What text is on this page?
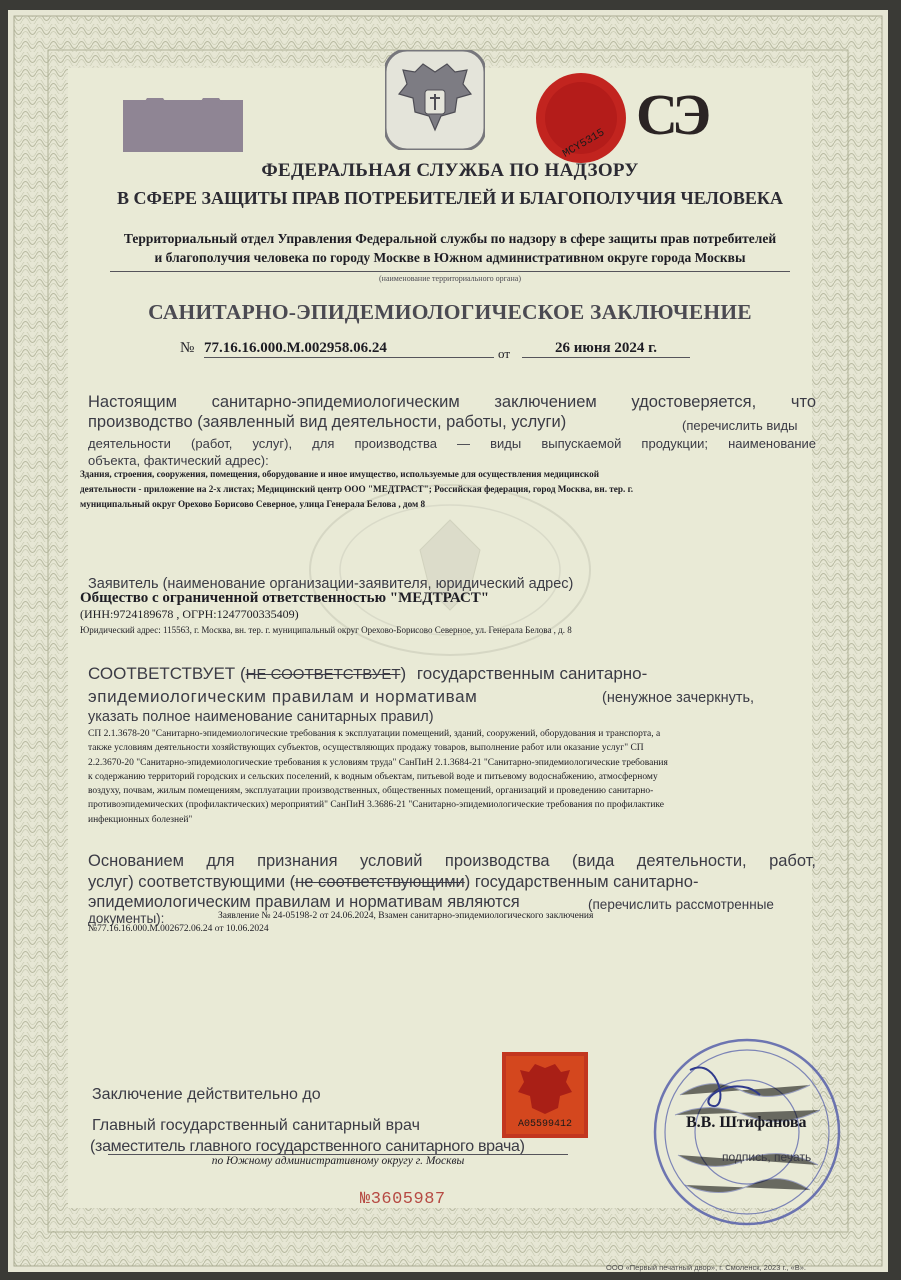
MCY5315 СЭ
ФЕДЕРАЛЬНАЯ СЛУЖБА ПО НАДЗОРУ
В СФЕРЕ ЗАЩИТЫ ПРАВ ПОТРЕБИТЕЛЕЙ И БЛАГОПОЛУЧИЯ ЧЕЛОВЕКА
Территориальный отдел Управления Федеральной службы по надзору в сфере защиты прав потребителей
и благополучия человека по городу Москве в Южном административном округе города Москвы
(наименование территориального органа)
САНИТАРНО-ЭПИДЕМИОЛОГИЧЕСКОЕ ЗАКЛЮЧЕНИЕ
№ 77.16.16.000.М.002958.06.24	от	26 июня 2024 г.
Настоящим санитарно-эпидемиологическим заключением удостоверяется, что
производство (заявленный вид деятельности, работы, услуги)	(перечислить виды
деятельности (работ, услуг), для производства — виды выпускаемой продукции; наименование
объекта, фактический адрес):
Здания, строения, сооружения, помещения, оборудование и иное имущество, используемые для осуществления медицинской
деятельности - приложение на 2-х листах; Медицинский центр ООО "МЕДТРАСТ"; Российская федерация, город Москва, вн. тер. г.
муниципальный округ Орехово Борисово Северное, улица Генерала Белова , дом 8
Заявитель (наименование организации-заявителя, юридический адрес)
Общество с ограниченной ответственностью "МЕДТРАСТ"
(ИНН:9724189678 , ОГРН:1247700335409)
Юридический адрес: 115563, г. Москва, вн. тер. г. муниципальный округ Орехово-Борисово Северное, ул. Генерала Белова , д. 8
СООТВЕТСТВУЕТ (НЕ СООТВЕТСТВУЕТ) государственным санитарно-
эпидемиологическим правилам и нормативам	(ненужное зачеркнуть,
указать полное наименование санитарных правил)
СП 2.1.3678-20 "Санитарно-эпидемиологические требования к эксплуатации помещений, зданий, сооружений, оборудования и транспорта, а
также условиям деятельности хозяйствующих субъектов, осуществляющих продажу товаров, выполнение работ или оказание услуг" СП
2.2.3670-20 "Санитарно-эпидемиологические требования к условиям труда" СанПиН 2.1.3684-21 "Санитарно-эпидемиологические требования
к содержанию территорий городских и сельских поселений, к водным объектам, питьевой воде и питьевому водоснабжению, атмосферному
воздуху, почвам, жилым помещениям, эксплуатации производственных, общественных помещений, организаций и проведению санитарно-
противоэпидемических (профилактических) мероприятий" СанПиН 3.3686-21 "Санитарно-эпидемиологические требования по профилактике
инфекционных болезней"
Основанием для признания условий производства (вида деятельности, работ,
услуг) соответствующими (не соответствующими) государственным санитарно-
эпидемиологическим правилам и нормативам являются	(перечислить рассмотренные
документы):	Заявление № 24-05198-2 от 24.06.2024, Взамен санитарно-эпидемиологического заключения
№77.16.16.000.М.002672.06.24 от 10.06.2024
Заключение действительно до
Главный государственный санитарный врач
(заместитель главного государственного санитарного врача)
по Южному административному округу г. Москвы
A05599412	В.В. Штифанова
подпись, печать
№3605987
ООО «Первый печатный двор», г. Смоленск, 2023 г., «В».
